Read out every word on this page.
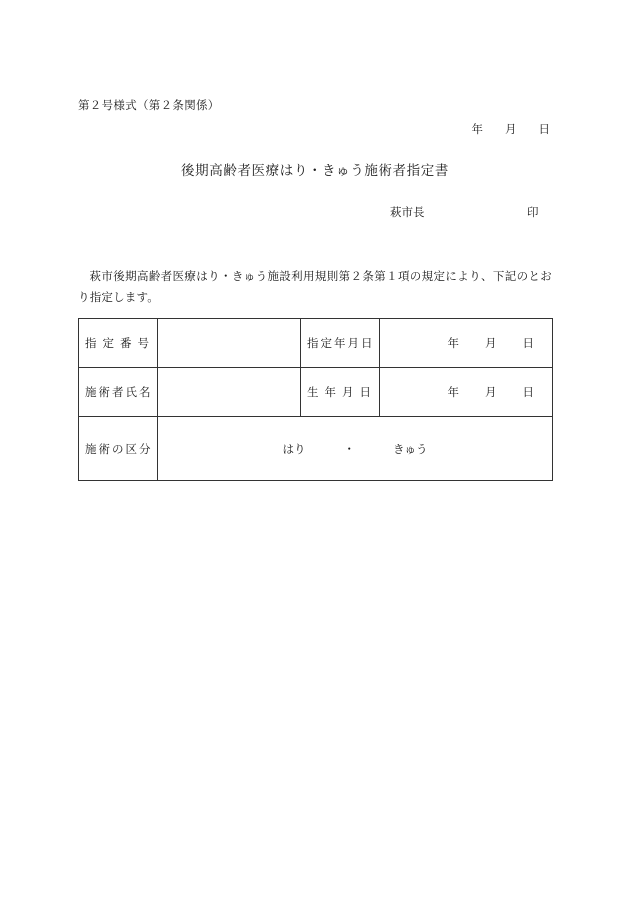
第２号様式（第２条関係）
年 月 日
後期高齢者医療はり・きゅう施術者指定書
萩市長	印
萩市後期高齢者医療はり・きゅう施設利用規則第２条第１項の規定により、下記のとおり指定します。
指定番号		指定年月日	年 月 日
施術者氏名		生年月日	年 月 日
施術の区分	はり ・ きゅう		
